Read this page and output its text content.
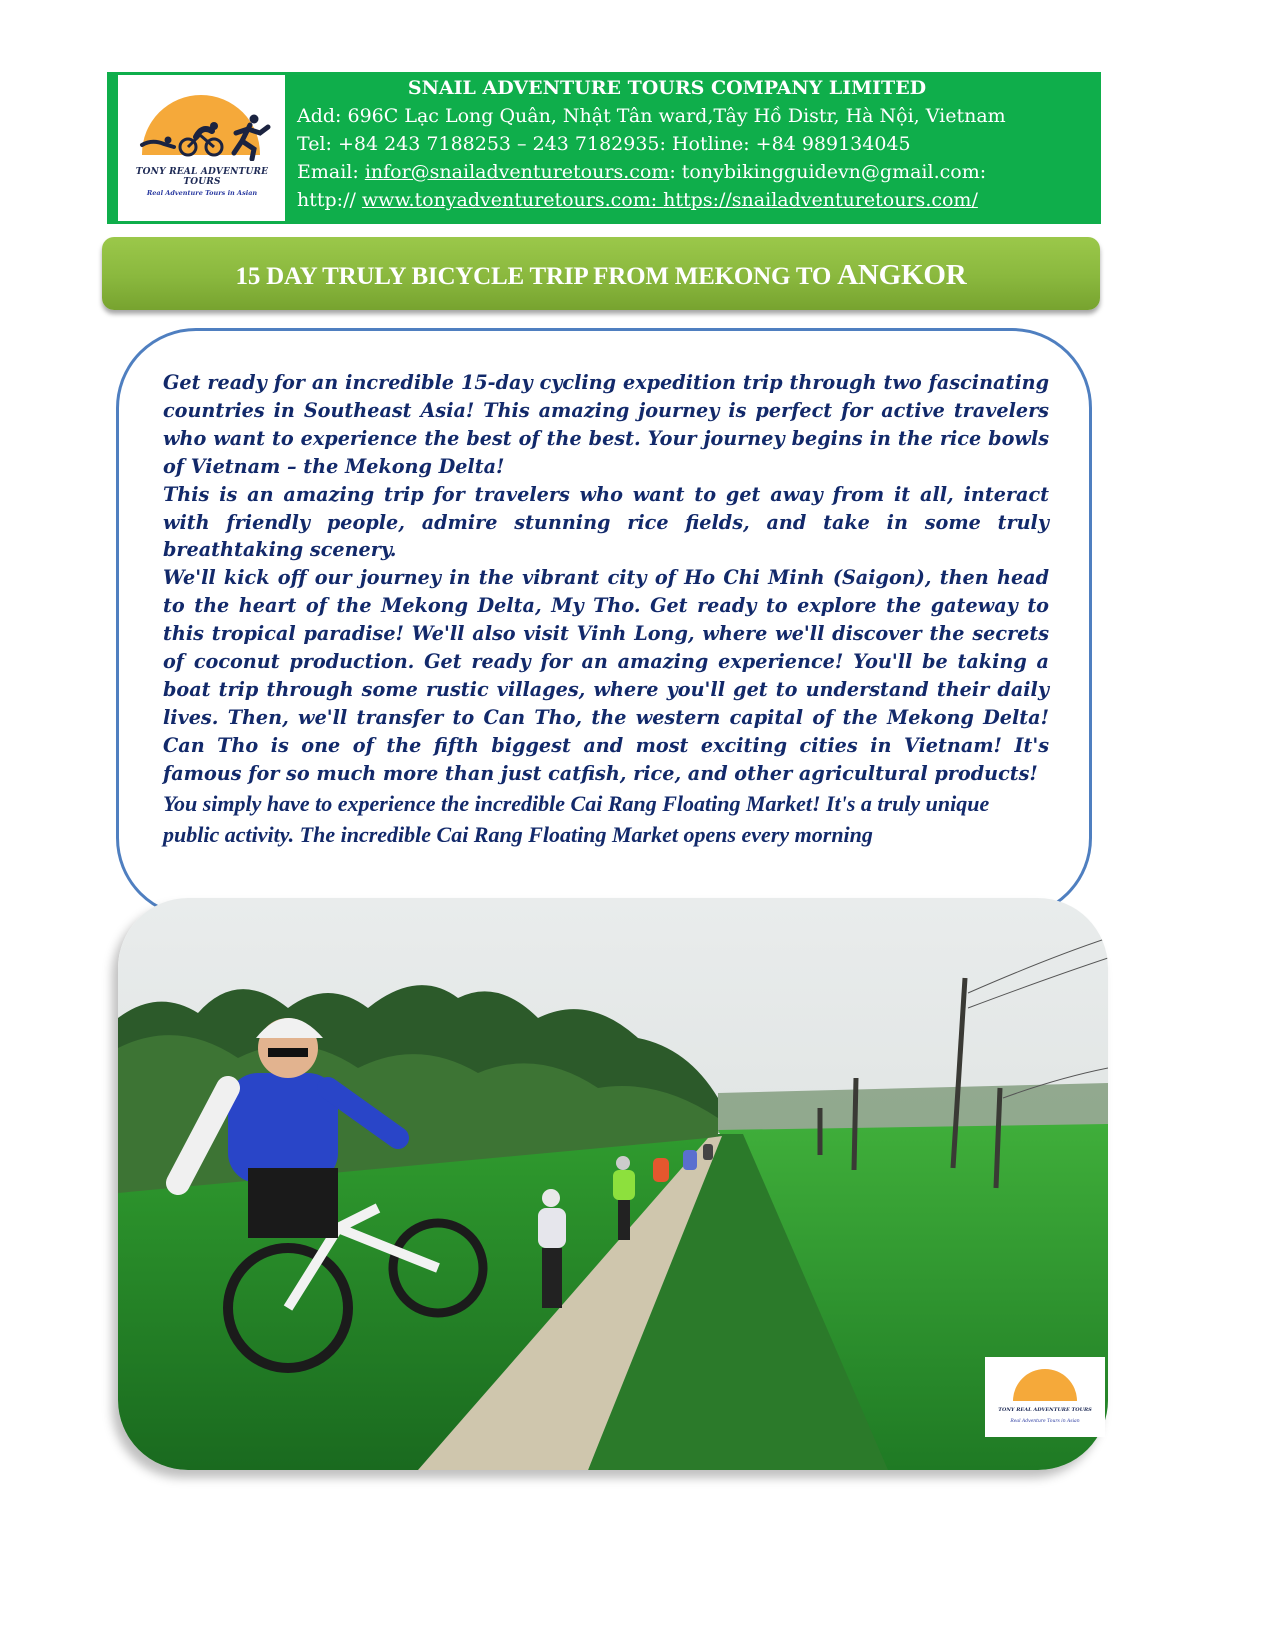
TONY REAL ADVENTURE TOURS
Real Adventure Tours in Asian
SNAIL ADVENTURE TOURS COMPANY LIMITED
Add: 696C Lạc Long Quân, Nhật Tân ward,Tây Hồ Distr, Hà Nội, Vietnam
Tel: +84 243 7188253 – 243 7182935: Hotline: +84 989134045
Email: infor@snailadventuretours.com: tonybikingguidevn@gmail.com:
http:// www.tonyadventuretours.com: https://snailadventuretours.com/
15 DAY TRULY BICYCLE TRIP FROM MEKONG TO ANGKOR

Get ready for an incredible 15-day cycling expedition trip through two fascinating countries in Southeast Asia! This amazing journey is perfect for active travelers who want to experience the best of the best. Your journey begins in the rice bowls of Vietnam – the Mekong Delta!

This is an amazing trip for travelers who want to get away from it all, interact with friendly people, admire stunning rice fields, and take in some truly breathtaking scenery.

We'll kick off our journey in the vibrant city of Ho Chi Minh (Saigon), then head to the heart of the Mekong Delta, My Tho. Get ready to explore the gateway to this tropical paradise! We'll also visit Vinh Long, where we'll discover the secrets of coconut production. Get ready for an amazing experience! You'll be taking a boat trip through some rustic villages, where you'll get to understand their daily lives. Then, we'll transfer to Can Tho, the western capital of the Mekong Delta! Can Tho is one of the fifth biggest and most exciting cities in Vietnam! It's famous for so much more than just catfish, rice, and other agricultural products!

You simply have to experience the incredible Cai Rang Floating Market! It's a truly unique public activity. The incredible Cai Rang Floating Market opens every morning

TONY REAL ADVENTURE TOURS
Real Adventure Tours in Asian
